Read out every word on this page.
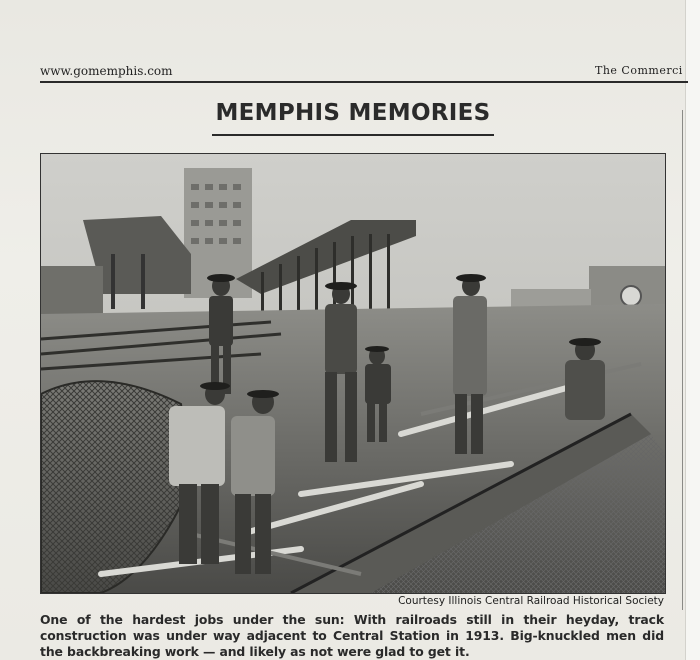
www.gomemphis.com	The Commerci
MEMPHIS MEMORIES
Courtesy Illinois Central Railroad Historical Society
One of the hardest jobs under the sun: With railroads still in their heyday, track construction was under way adjacent to Central Station in 1913. Big-knuckled men did the backbreaking work — and likely as not were glad to get it.
